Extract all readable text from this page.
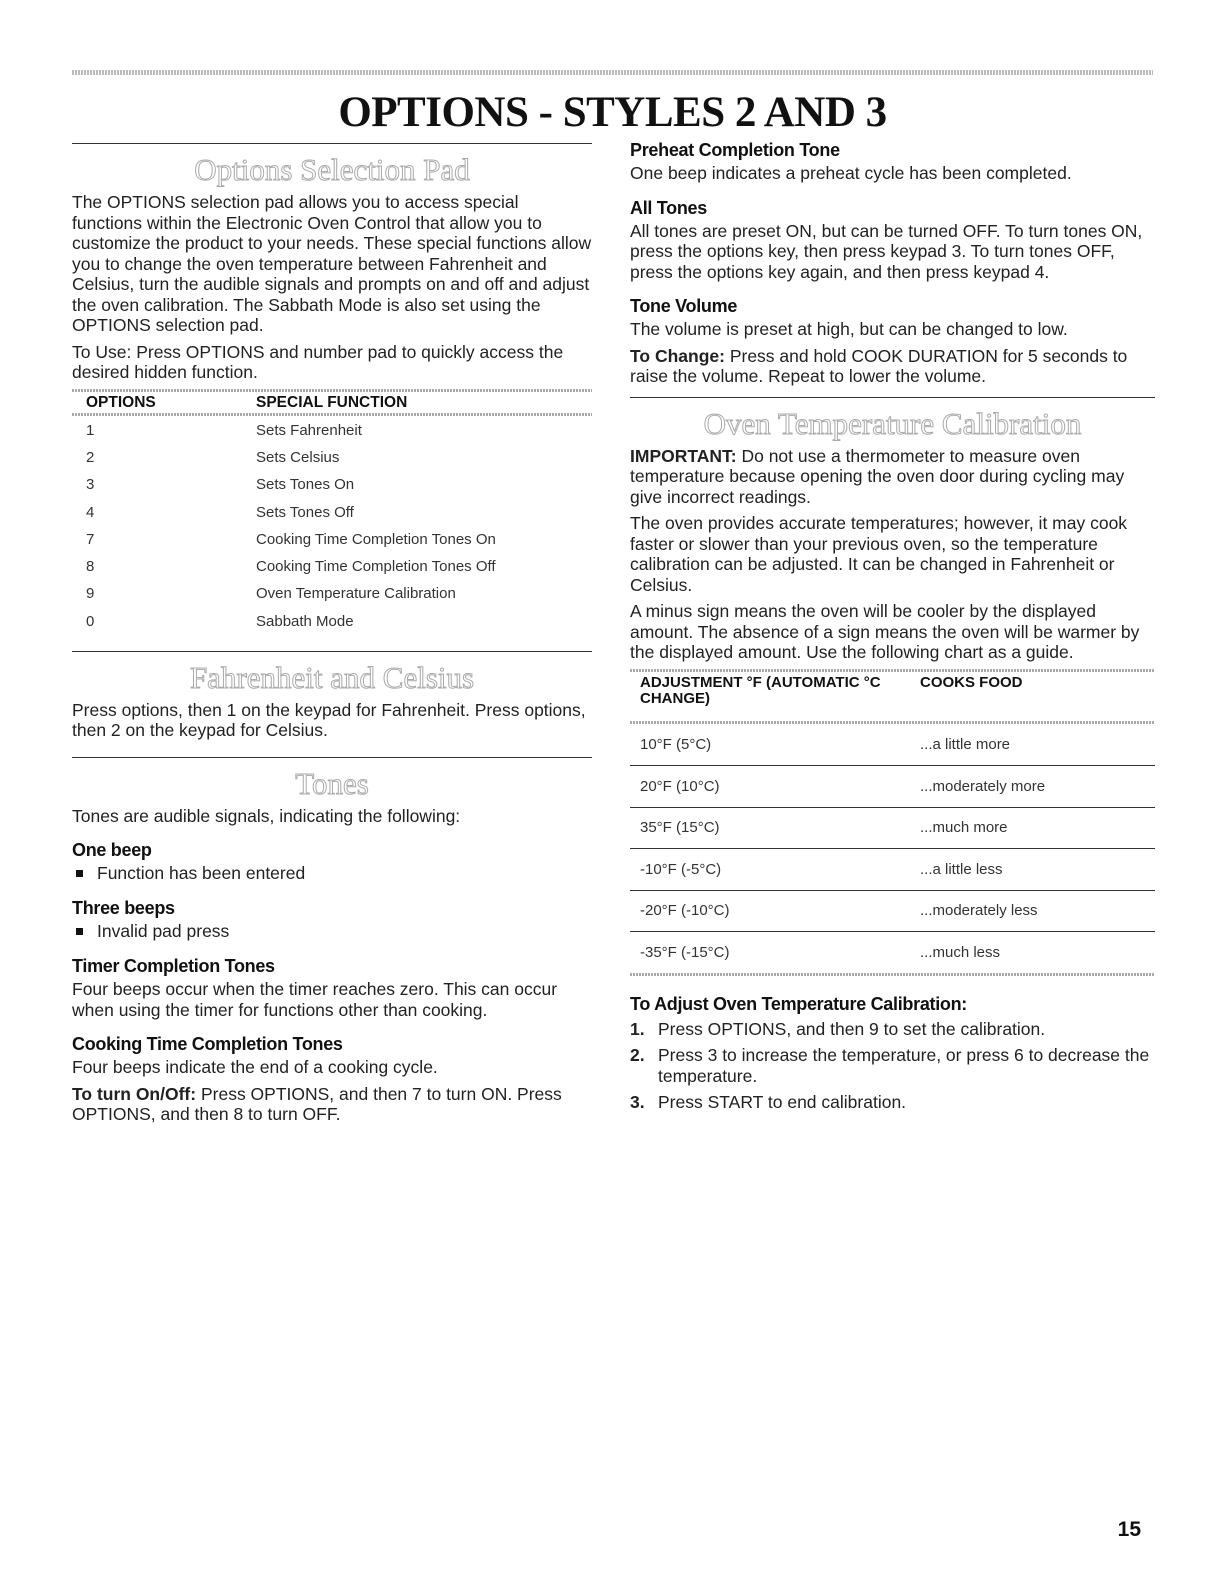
OPTIONS - STYLES 2 AND 3
Options Selection Pad

The OPTIONS selection pad allows you to access special functions within the Electronic Oven Control that allow you to customize the product to your needs. These special functions allow you to change the oven temperature between Fahrenheit and Celsius, turn the audible signals and prompts on and off and adjust the oven calibration. The Sabbath Mode is also set using the OPTIONS selection pad.

To Use: Press OPTIONS and number pad to quickly access the desired hidden function.

OPTIONS	SPECIAL FUNCTION

1	Sets Fahrenheit
2	Sets Celsius
3	Sets Tones On
4	Sets Tones Off
7	Cooking Time Completion Tones On
8	Cooking Time Completion Tones Off
9	Oven Temperature Calibration
0	Sabbath Mode
Fahrenheit and Celsius

Press options, then 1 on the keypad for Fahrenheit. Press options, then 2 on the keypad for Celsius.

Tones

Tones are audible signals, indicating the following:

One beep
Function has been entered
Three beeps
Invalid pad press
Timer Completion Tones

Four beeps occur when the timer reaches zero. This can occur when using the timer for functions other than cooking.

Cooking Time Completion Tones

Four beeps indicate the end of a cooking cycle.

To turn On/Off: Press OPTIONS, and then 7 to turn ON. Press OPTIONS, and then 8 to turn OFF.

Preheat Completion Tone

One beep indicates a preheat cycle has been completed.

All Tones

All tones are preset ON, but can be turned OFF. To turn tones ON, press the options key, then press keypad 3. To turn tones OFF, press the options key again, and then press keypad 4.

Tone Volume

The volume is preset at high, but can be changed to low.

To Change: Press and hold COOK DURATION for 5 seconds to raise the volume. Repeat to lower the volume.

Oven Temperature Calibration

IMPORTANT: Do not use a thermometer to measure oven temperature because opening the oven door during cycling may give incorrect readings.

The oven provides accurate temperatures; however, it may cook faster or slower than your previous oven, so the temperature calibration can be adjusted. It can be changed in Fahrenheit or Celsius.

A minus sign means the oven will be cooler by the displayed amount. The absence of a sign means the oven will be warmer by the displayed amount. Use the following chart as a guide.

ADJUSTMENT °F (AUTOMATIC °C CHANGE)	COOKS FOOD

10°F (5°C)	...a little more
20°F (10°C)	...moderately more
35°F (15°C)	...much more
-10°F (-5°C)	...a little less
-20°F (-10°C)	...moderately less
-35°F (-15°C)	...much less
To Adjust Oven Temperature Calibration:
1. Press OPTIONS, and then 9 to set the calibration.
2. Press 3 to increase the temperature, or press 6 to decrease the temperature.
3. Press START to end calibration.
15
